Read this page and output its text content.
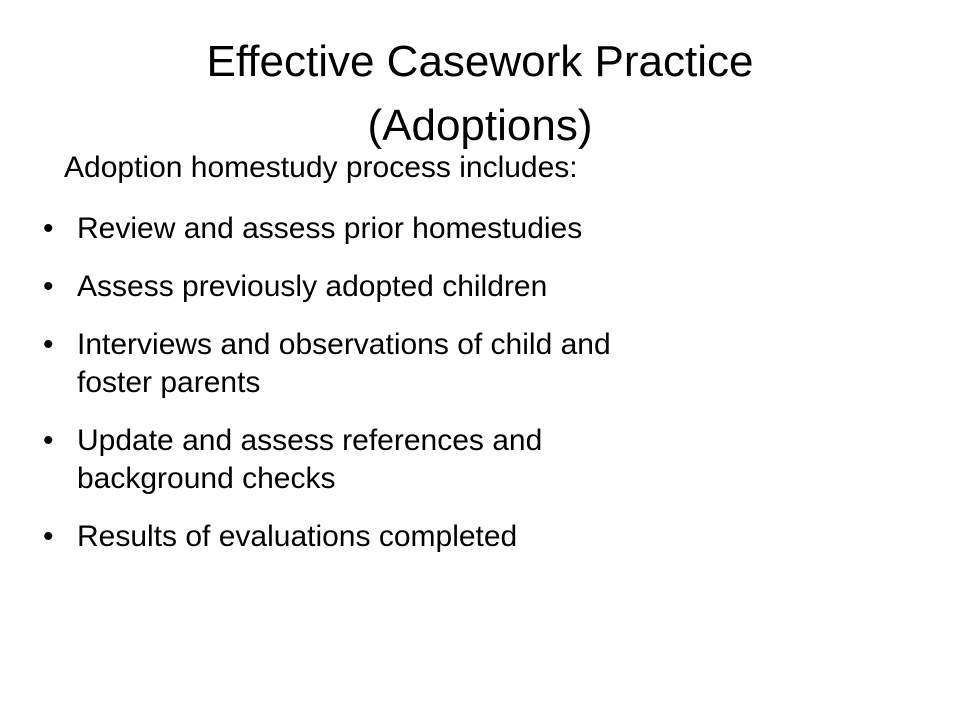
Effective Casework Practice
(Adoptions)

Adoption homestudy process includes:

• Review and assess prior homestudies
• Assess previously adopted children
• Interviews and observations of child and
foster parents
• Update and assess references and
background checks
• Results of evaluations completed
